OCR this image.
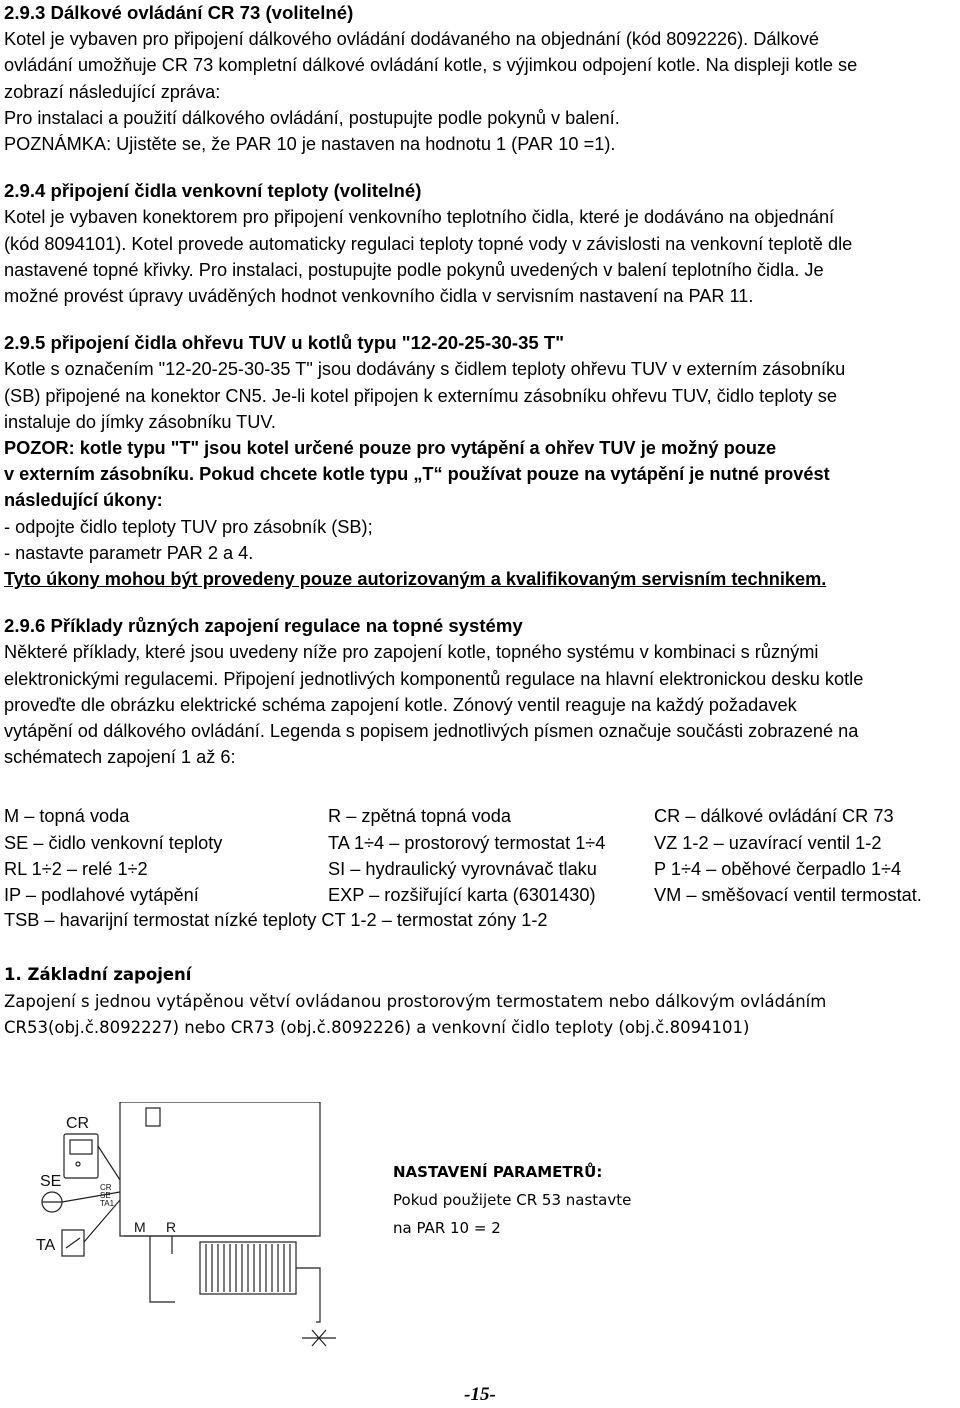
2.9.3 Dálkové ovládání CR 73 (volitelné)
Kotel je vybaven pro připojení dálkového ovládání dodávaného na objednání (kód 8092226). Dálkové
ovládání umožňuje CR 73 kompletní dálkové ovládání kotle, s výjimkou odpojení kotle. Na displeji kotle se
zobrazí následující zpráva:
Pro instalaci a použití dálkového ovládání, postupujte podle pokynů v balení.
POZNÁMKA: Ujistěte se, že PAR 10 je nastaven na hodnotu 1 (PAR 10 =1).
2.9.4 připojení čidla venkovní teploty (volitelné)
Kotel je vybaven konektorem pro připojení venkovního teplotního čidla, které je dodáváno na objednání
(kód 8094101). Kotel provede automaticky regulaci teploty topné vody v závislosti na venkovní teplotě dle
nastavené topné křivky. Pro instalaci, postupujte podle pokynů uvedených v balení teplotního čidla. Je
možné provést úpravy uváděných hodnot venkovního čidla v servisním nastavení na PAR 11.
2.9.5 připojení čidla ohřevu TUV u kotlů typu "12-20-25-30-35 T"
Kotle s označením "12-20-25-30-35 T" jsou dodávány s čidlem teploty ohřevu TUV v externím zásobníku
(SB) připojené na konektor CN5. Je-li kotel připojen k externímu zásobníku ohřevu TUV, čidlo teploty se
instaluje do jímky zásobníku TUV.
POZOR: kotle typu "T" jsou kotel určené pouze pro vytápění a ohřev TUV je možný pouze
v externím zásobníku. Pokud chcete kotle typu „T“ používat pouze na vytápění je nutné provést
následující úkony:
- odpojte čidlo teploty TUV pro zásobník (SB);
- nastavte parametr PAR 2 a 4.
Tyto úkony mohou být provedeny pouze autorizovaným a kvalifikovaným servisním technikem.
2.9.6 Příklady různých zapojení regulace na topné systémy
Některé příklady, které jsou uvedeny níže pro zapojení kotle, topného systému v kombinaci s různými
elektronickými regulacemi. Připojení jednotlivých komponentů regulace na hlavní elektronickou desku kotle
proveďte dle obrázku elektrické schéma zapojení kotle. Zónový ventil reaguje na každý požadavek
vytápění od dálkového ovládání. Legenda s popisem jednotlivých písmen označuje součásti zobrazené na
schématech zapojení 1 až 6:
M – topná voda
SE – čidlo venkovní teploty
RL 1÷2 – relé 1÷2
IP – podlahové vytápění
R – zpětná topná voda
TA 1÷4 – prostorový termostat 1÷4
SI – hydraulický vyrovnávač tlaku
EXP – rozšiřující karta (6301430)
CR – dálkové ovládání CR 73
VZ 1-2 – uzavírací ventil 1-2
P 1÷4 – oběhové čerpadlo 1÷4
VM – směšovací ventil termostat.
TSB – havarijní termostat nízké teploty CT 1-2 – termostat zóny 1-2
1. Základní zapojení
Zapojení s jednou vytápěnou větví ovládanou prostorovým termostatem nebo dálkovým ovládáním
CR53(obj.č.8092227) nebo CR73 (obj.č.8092226) a venkovní čidlo teploty (obj.č.8094101)
CR
SE
TA
M R
CR
SE
TA1
NASTAVENÍ PARAMETRŮ:
Pokud použijete CR 53 nastavte
na PAR 10 = 2
-15-
